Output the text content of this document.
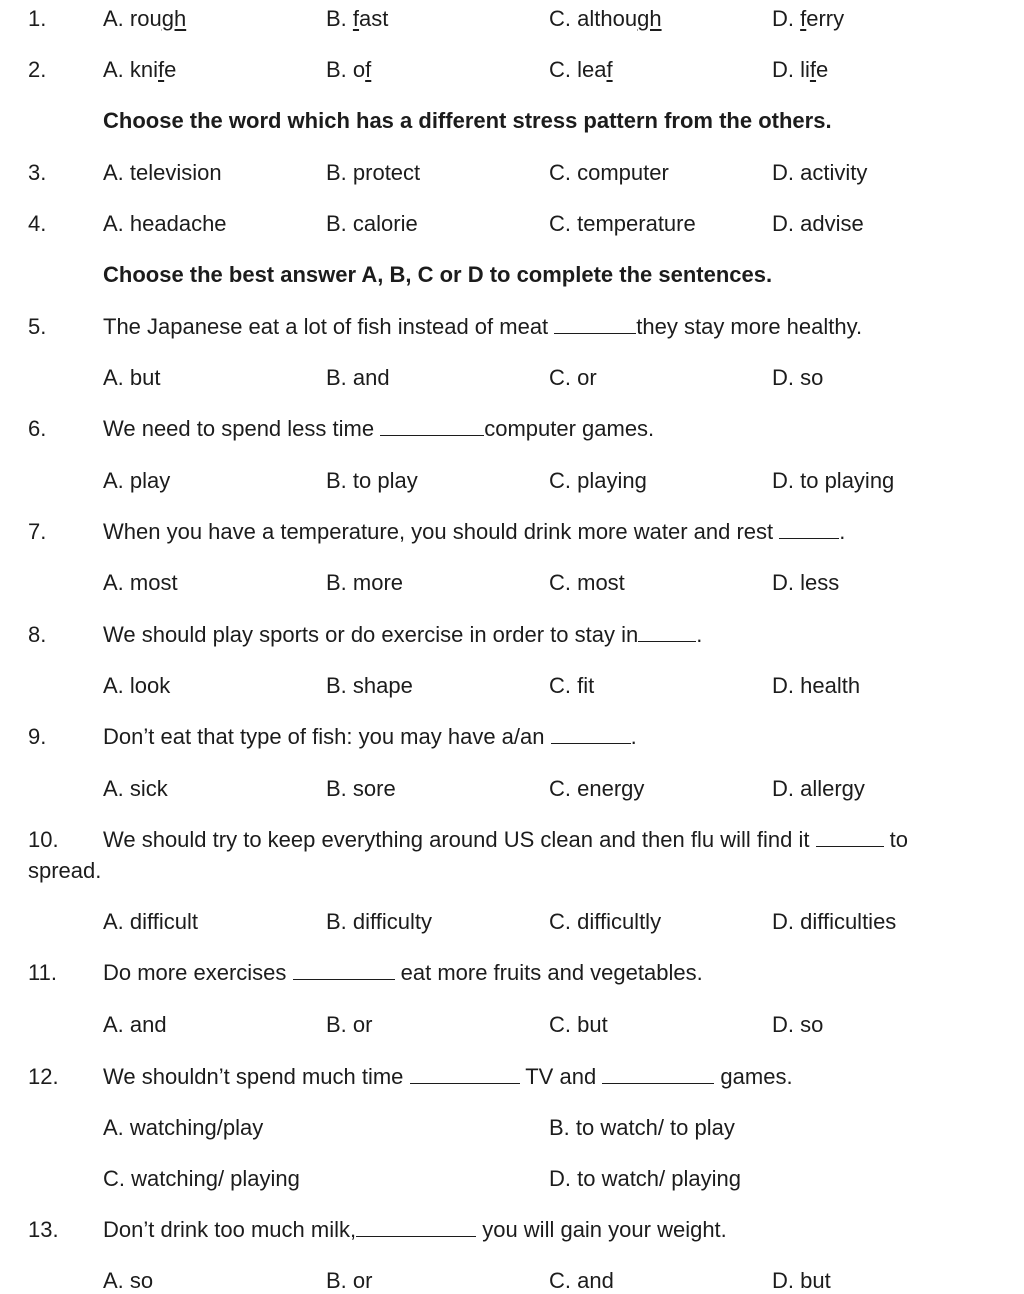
1.	A. rough	B. fast	C. although	D. ferry
2.	A. knife	B. of	C. leaf	D. life
Choose the word which has a different stress pattern from the others.
3.	A. television	B. protect	C. computer	D. activity
4.	A. headache	B. calorie	C. temperature	D. advise
Choose the best answer A, B, C or D to complete the sentences.
5.	The Japanese eat a lot of fish instead of meat	they stay more healthy.
A. but	B. and	C. or	D. so
6.	We need to spend less time	computer games.
A. play	B. to play	C. playing	D. to playing
7.	When you have a temperature, you should drink more water and rest	.
A. most	B. more	C. most	D. less
8.	We should play sports or do exercise in order to stay in	.
A. look	B. shape	C. fit	D. health
9.	Don’t eat that type of fish: you may have a/an	.
A. sick	B. sore	C. energy	D. allergy
10. We should try to keep everything around US clean and then flu will find it	to
spread.
A. difficult	B. difficulty	C. difficultly	D. difficulties
11. Do more exercises	eat more fruits and vegetables.
A. and	B. or	C. but	D. so
12. We shouldn’t spend much time	TV and	games.
A. watching/play	B. to watch/ to play
C. watching/ playing	D. to watch/ playing
13. Don’t drink too much milk,	you will gain your weight.
A. so	B. or	C. and	D. but
